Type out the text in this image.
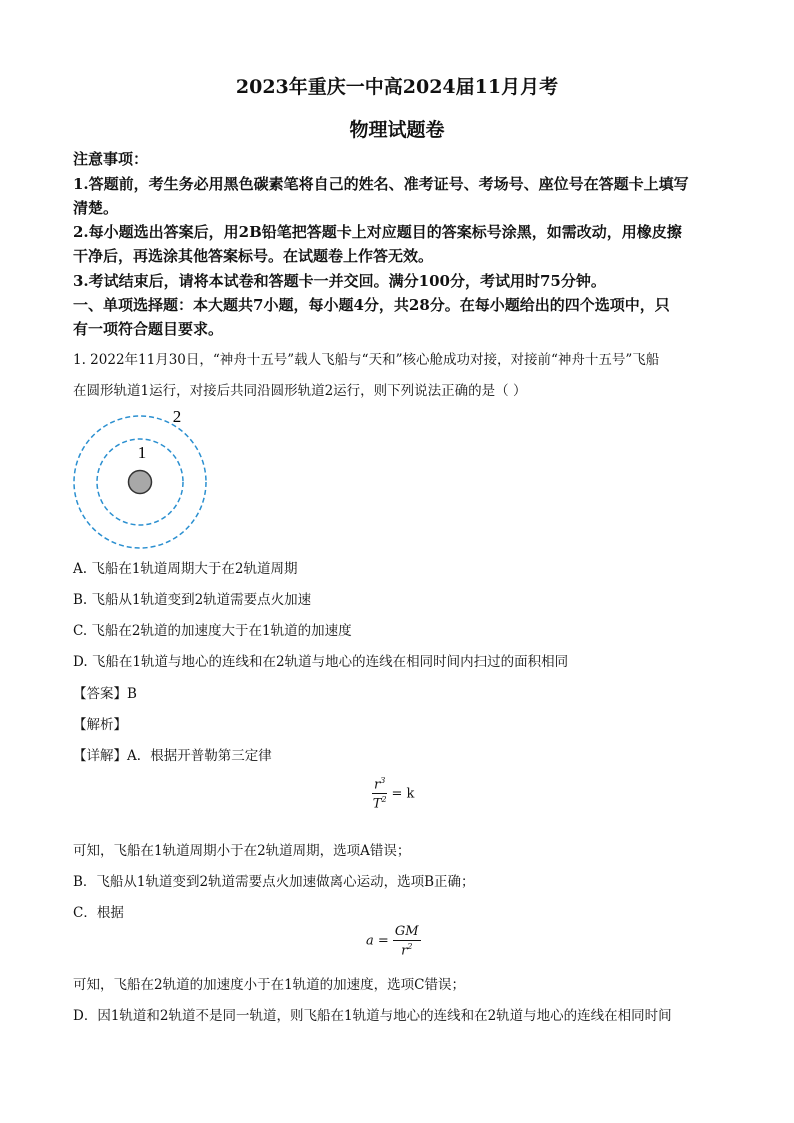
2023年重庆一中高2024届11月月考
物理试题卷
注意事项：
1.答题前，考生务必用黑色碳素笔将自己的姓名、准考证号、考场号、座位号在答题卡上填写
清楚。
2.每小题选出答案后，用2B铅笔把答题卡上对应题目的答案标号涂黑，如需改动，用橡皮擦
干净后，再选涂其他答案标号。在试题卷上作答无效。
3.考试结束后，请将本试卷和答题卡一并交回。满分100分，考试用时75分钟。
一、单项选择题：本大题共7小题，每小题4分，共28分。在每小题给出的四个选项中，只
有一项符合题目要求。
1. 2022年11月30日，“神舟十五号”载人飞船与“天和”核心舱成功对接，对接前“神舟十五号”飞船
在圆形轨道1运行，对接后共同沿圆形轨道2运行，则下列说法正确的是（ ）
1
2
A. 飞船在1轨道周期大于在2轨道周期
B. 飞船从1轨道变到2轨道需要点火加速
C. 飞船在2轨道的加速度大于在1轨道的加速度
D. 飞船在1轨道与地心的连线和在2轨道与地心的连线在相同时间内扫过的面积相同
【答案】B
【解析】
【详解】A．根据开普勒第三定律
$\frac{r^3}{T^2} = k$
可知，飞船在1轨道周期小于在2轨道周期，选项A错误；
B．飞船从1轨道变到2轨道需要点火加速做离心运动，选项B正确；
C．根据
$a = \frac{GM}{r^2}$
可知，飞船在2轨道的加速度小于在1轨道的加速度，选项C错误；
D．因1轨道和2轨道不是同一轨道，则飞船在1轨道与地心的连线和在2轨道与地心的连线在相同时间
